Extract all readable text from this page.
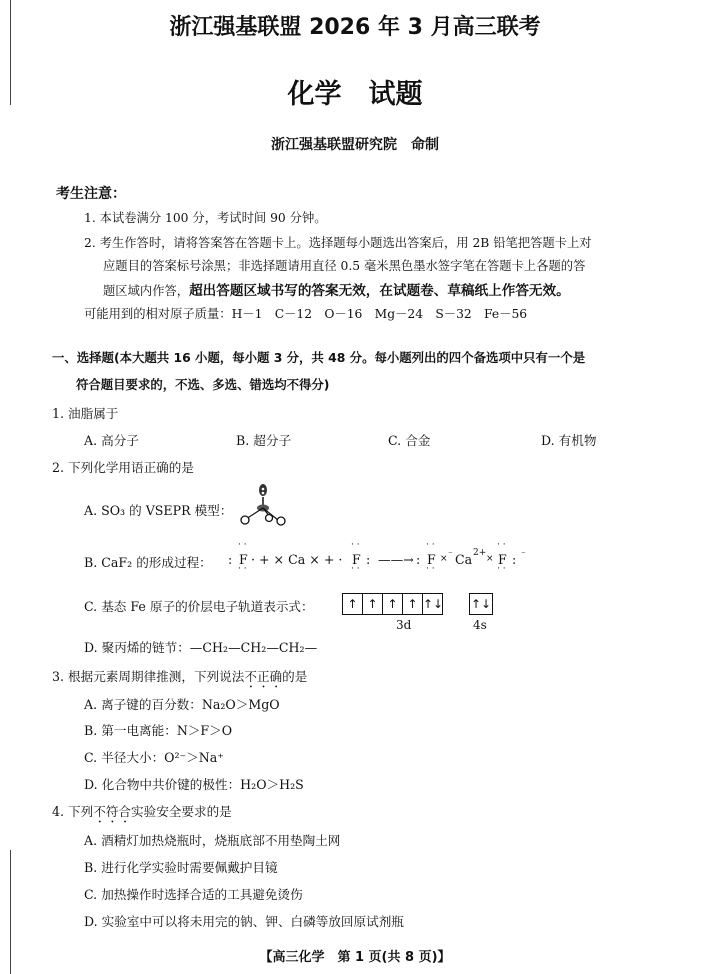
浙江强基联盟 2026 年 3 月高三联考
化学　试题
浙江强基联盟研究院　命制
考生注意：
1. 本试卷满分 100 分，考试时间 90 分钟。
2. 考生作答时，请将答案答在答题卡上。选择题每小题选出答案后，用 2B 铅笔把答题卡上对
应题目的答案标号涂黑；非选择题请用直径 0.5 毫米黑色墨水签字笔在答题卡上各题的答
题区域内作答，超出答题区域书写的答案无效，在试题卷、草稿纸上作答无效。
可能用到的相对原子质量：H－1　C－12　O－16　Mg－24　S－32　Fe－56
一、选择题(本大题共 16 小题，每小题 3 分，共 48 分。每小题列出的四个备选项中只有一个是
符合题目要求的，不选、多选、错选均不得分)
1. 油脂属于
A. 高分子	B. 超分子	C. 合金	D. 有机物
2. 下列化学用语正确的是
A. SO₃ 的 VSEPR 模型：
B. CaF₂ 的形成过程：
· ·
: F · + × Ca × + ·
· ·
F :
· ·	· ·
——→ :
· ·
F × ⁻ Ca 2+
×
· ·
F : ⁻
· ·	· ·
C. 基态 Fe 原子的价层电子轨道表示式：	↑ ↑ ↑ ↑ ↑↓ ↑↓
3d	4s
D. 聚丙烯的链节：—CH₂—CH₂—CH₂—
3. 根据元素周期律推测，下列说法不正确的是
A. 离子键的百分数：Na₂O＞MgO
B. 第一电离能：N＞F＞O
C. 半径大小：O²⁻＞Na⁺
D. 化合物中共价键的极性：H₂O＞H₂S
4. 下列不符合实验安全要求的是
A. 酒精灯加热烧瓶时，烧瓶底部不用垫陶土网
B. 进行化学实验时需要佩戴护目镜
C. 加热操作时选择合适的工具避免烫伤
D. 实验室中可以将未用完的钠、钾、白磷等放回原试剂瓶
【高三化学　第 1 页(共 8 页)】
